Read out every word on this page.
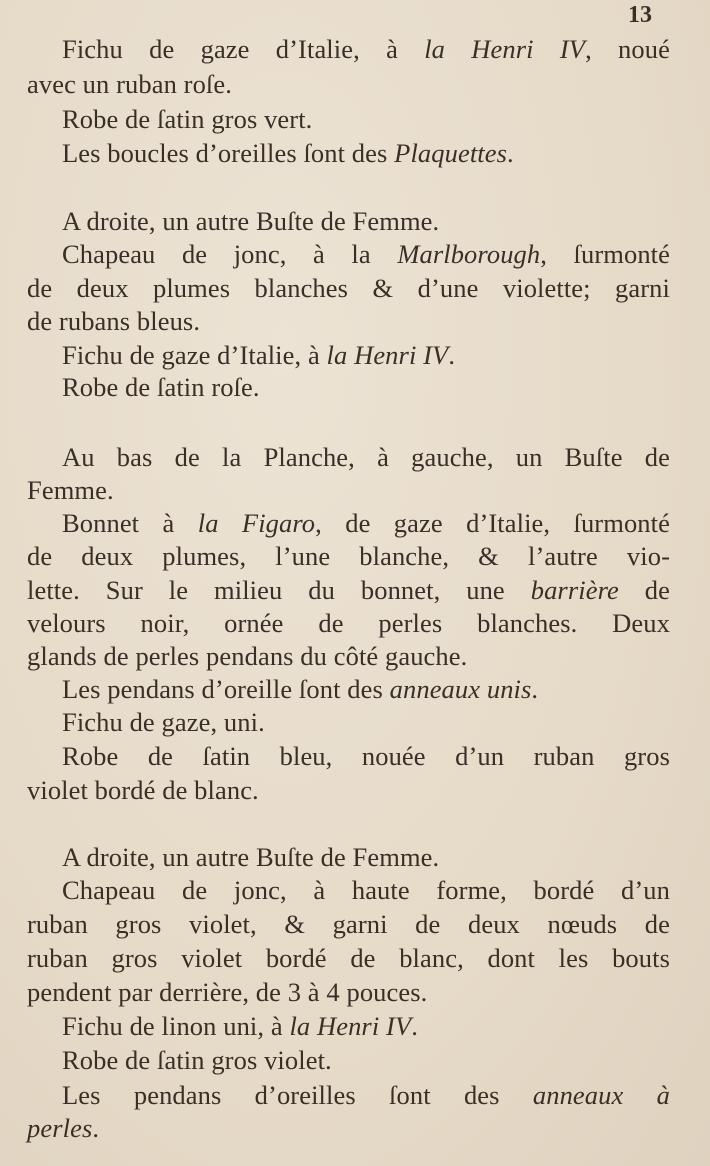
13
Fichu de gaze d’Italie, à la Henri IV, noué
avec un ruban roſe.
Robe de ſatin gros vert.
Les boucles d’oreilles ſont des Plaquettes.
A droite, un autre Buſte de Femme.
Chapeau de jonc, à la Marlborough, ſurmonté
de deux plumes blanches & d’une violette; garni
de rubans bleus.
Fichu de gaze d’Italie, à la Henri IV.
Robe de ſatin roſe.
Au bas de la Planche, à gauche, un Buſte de
Femme.
Bonnet à la Figaro, de gaze d’Italie, ſurmonté
de deux plumes, l’une blanche, & l’autre vio-
lette. Sur le milieu du bonnet, une barrière de
velours noir, ornée de perles blanches. Deux
glands de perles pendans du côté gauche.
Les pendans d’oreille ſont des anneaux unis.
Fichu de gaze, uni.
Robe de ſatin bleu, nouée d’un ruban gros
violet bordé de blanc.
A droite, un autre Buſte de Femme.
Chapeau de jonc, à haute forme, bordé d’un
ruban gros violet, & garni de deux nœuds de
ruban gros violet bordé de blanc, dont les bouts
pendent par derrière, de 3 à 4 pouces.
Fichu de linon uni, à la Henri IV.
Robe de ſatin gros violet.
Les pendans d’oreilles ſont des anneaux à
perles.
